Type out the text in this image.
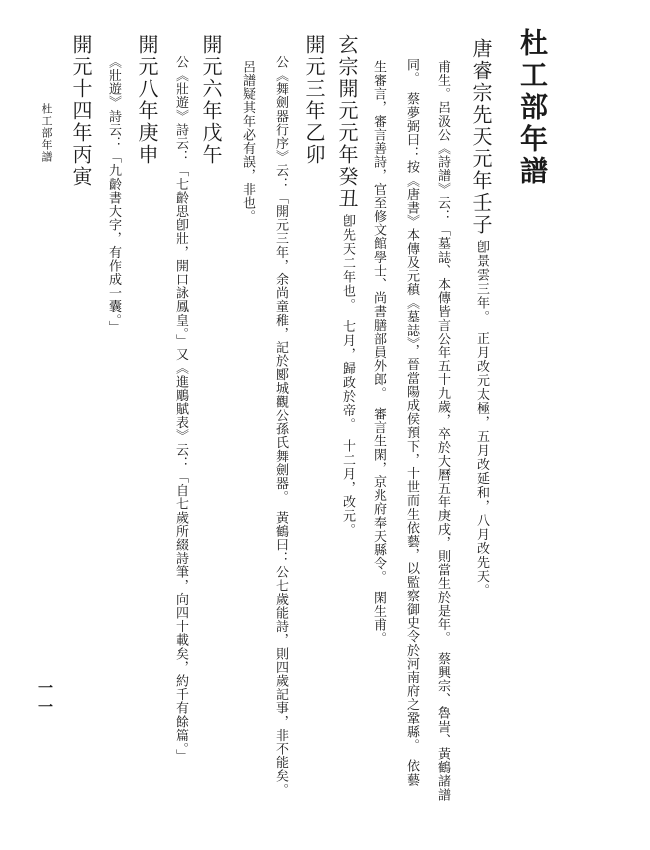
杜工部年譜
唐睿宗先天元年壬子卽景雲三年。　正月改元太極，五月改延和，八月改先天。
甫生。呂汲公《詩譜》云：「墓誌、本傳皆言公年五十九歲，卒於大曆五年庚戌，則當生於是年。　蔡興宗、魯訔、黃鶴諸譜
同。　蔡夢弼曰：按《唐書》本傳及元稹《墓誌》，晉當陽成侯預下，十世而生依藝，以監察御史令於河南府之鞏縣。　依藝
生審言，審言善詩，官至修文館學士、尚書膳部員外郎。　審言生閑，京兆府奉天縣令。　閑生甫。
玄宗開元元年癸丑卽先天二年也。　七月，歸政於帝。　十二月，改元。
開元三年乙卯
公《舞劍器行序》云：「開元三年，余尚童稚，記於郾城觀公孫氏舞劍器。　黃鶴曰：公七歲能詩，則四歲記事，非不能矣。
呂譜疑其年必有誤，非也。
開元六年戊午
公《壯遊》詩云：「七齡思卽壯，開口詠鳳皇。」又《進鵰賦表》云：「自七歲所綴詩筆，向四十載矣，約千有餘篇。」
開元八年庚申
《壯遊》詩云：「九齡書大字，有作成一囊。」
開元十四年丙寅
杜工部年譜
一一
